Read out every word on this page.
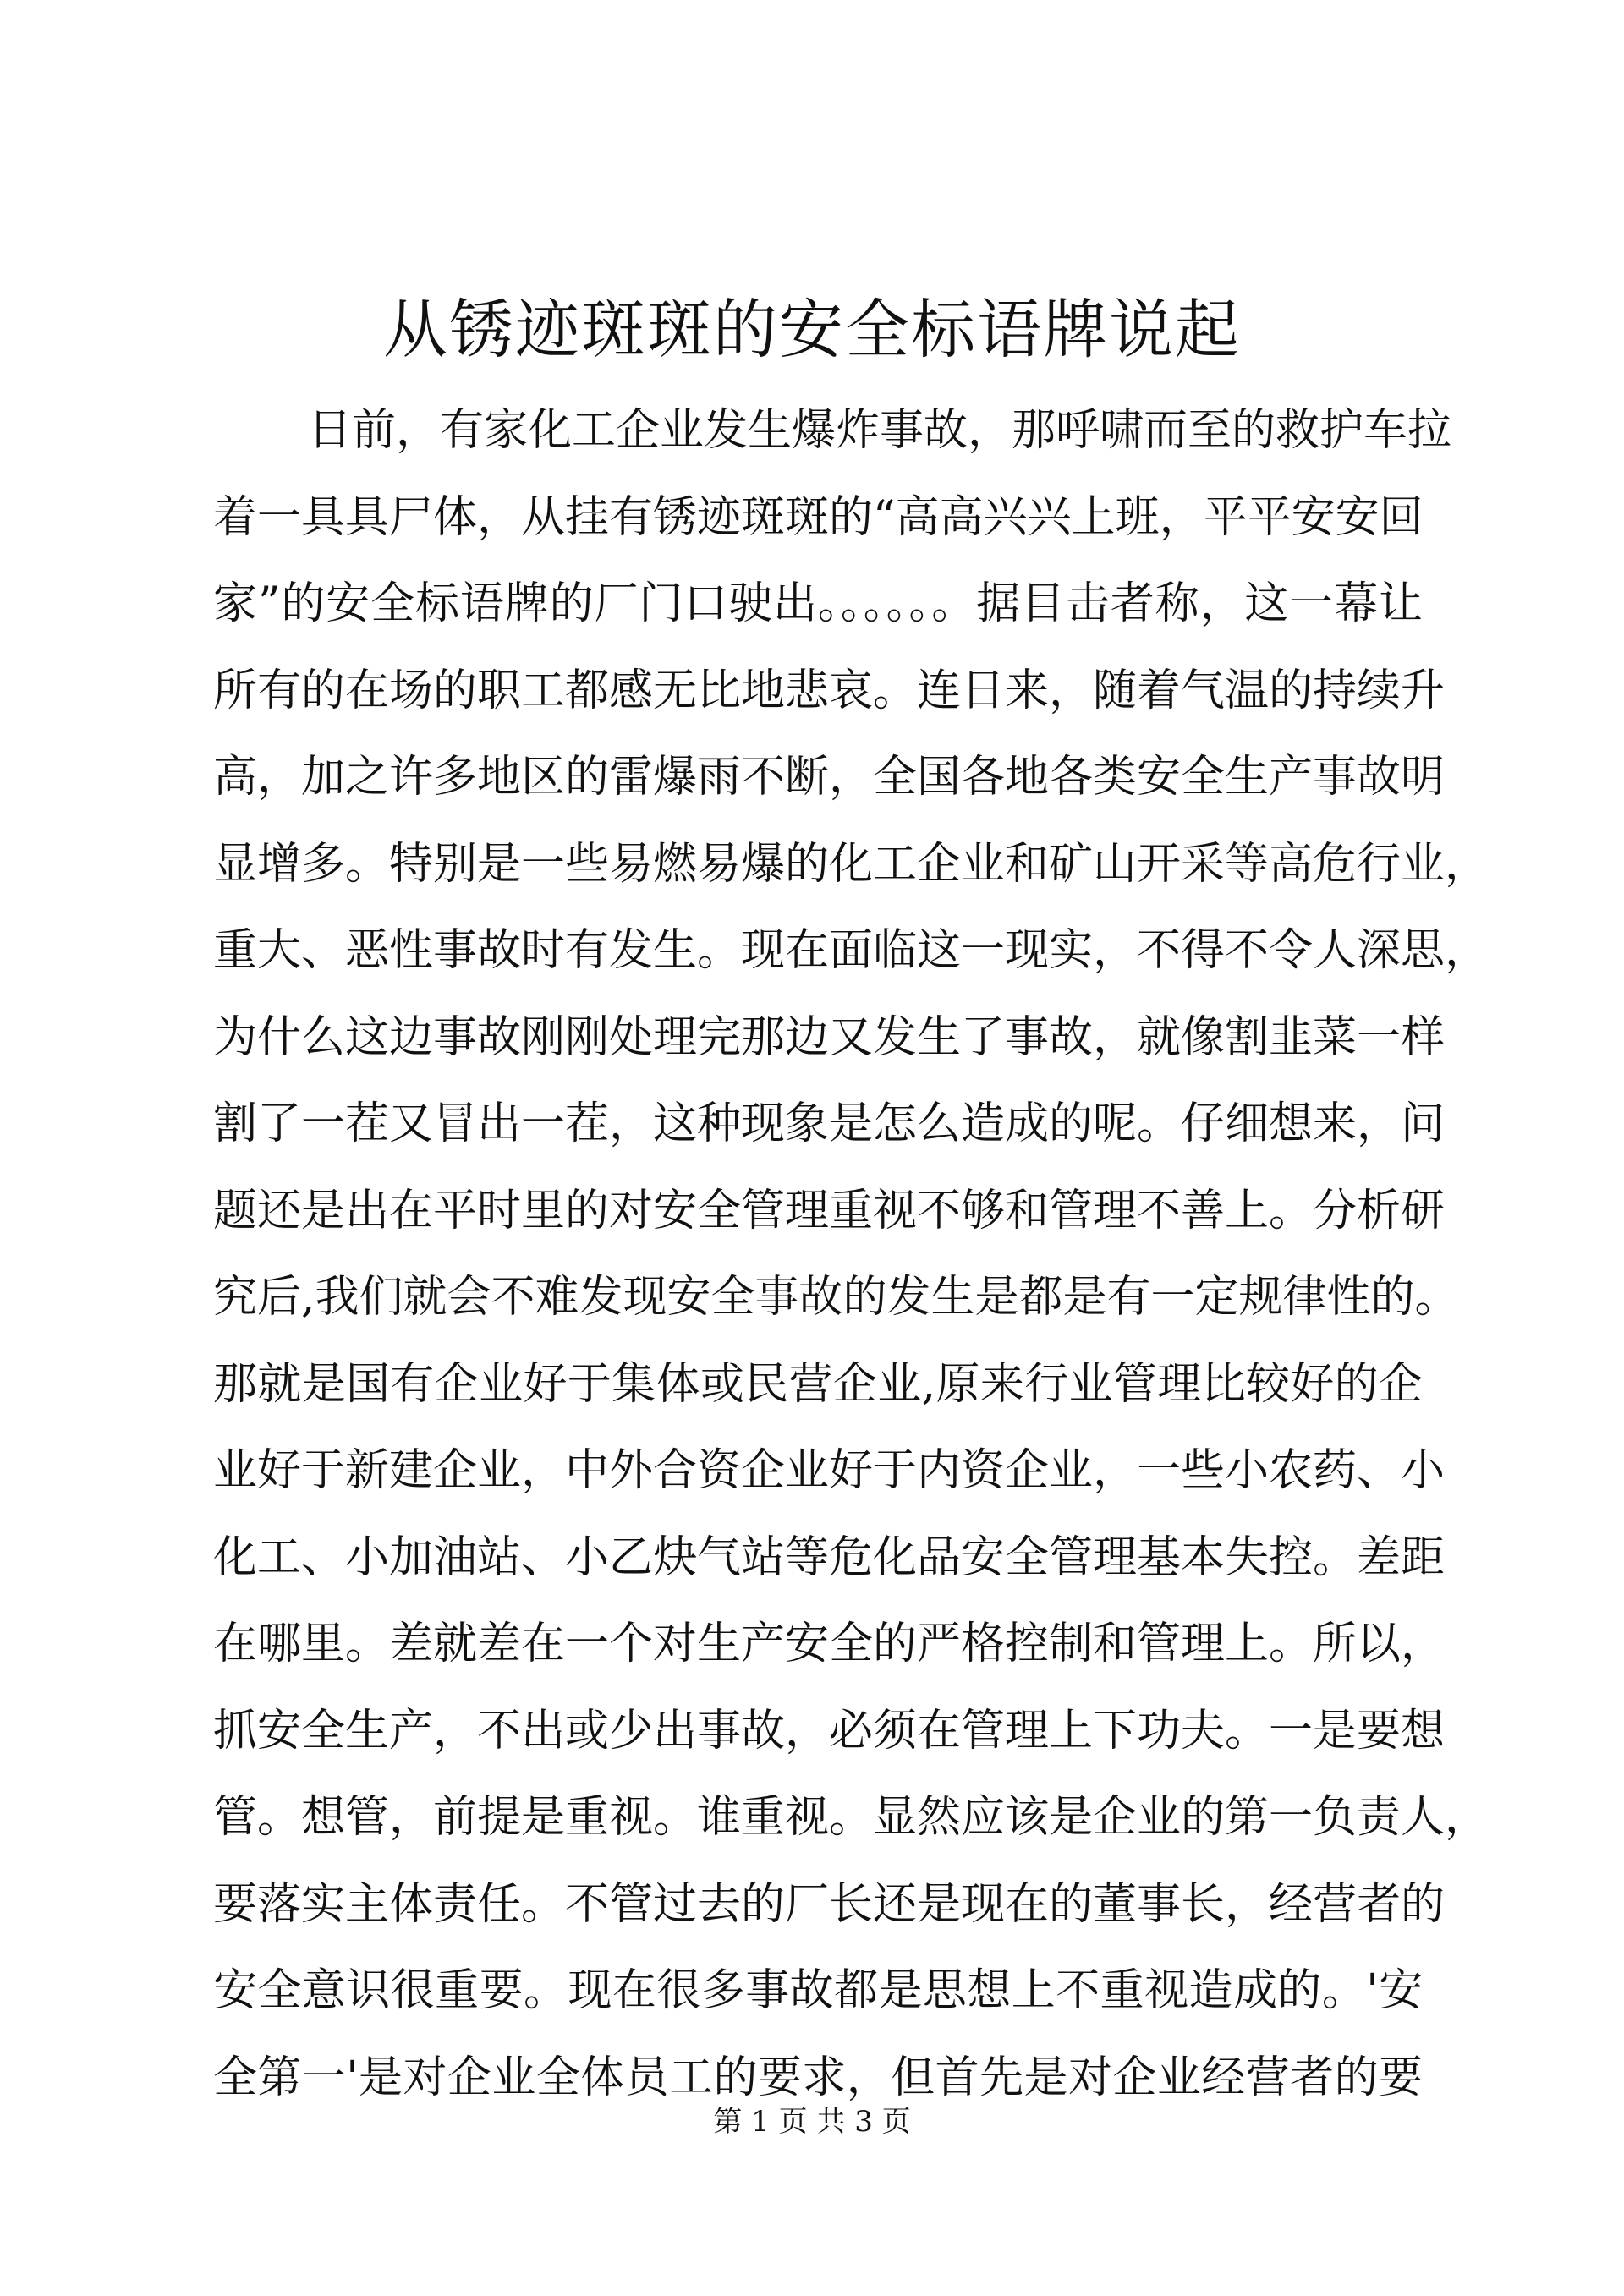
从锈迹斑斑的安全标语牌说起
日前，有家化工企业发生爆炸事故，那呼啸而至的救护车拉
着一具具尸体，从挂有锈迹斑斑的“高高兴兴上班，平平安安回
家”的安全标语牌的厂门口驶出。。。。。。据目击者称，这一幕让
所有的在场的职工都感无比地悲哀。连日来，随着气温的持续升
高，加之许多地区的雷爆雨不断，全国各地各类安全生产事故明
显增多。特别是一些易燃易爆的化工企业和矿山开采等高危行业，
重大、恶性事故时有发生。现在面临这一现实，不得不令人深思，
为什么这边事故刚刚处理完那边又发生了事故，就像割韭菜一样
割了一茬又冒出一茬，这种现象是怎么造成的呢。仔细想来，问
题还是出在平时里的对安全管理重视不够和管理不善上。分析研
究后,我们就会不难发现安全事故的发生是都是有一定规律性的。
那就是国有企业好于集体或民营企业,原来行业管理比较好的企
业好于新建企业，中外合资企业好于内资企业，一些小农药、小
化工、小加油站、小乙炔气站等危化品安全管理基本失控。差距
在哪里。差就差在一个对生产安全的严格控制和管理上。所以，
抓安全生产，不出或少出事故，必须在管理上下功夫。一是要想
管。想管，前提是重视。谁重视。显然应该是企业的第一负责人，
要落实主体责任。不管过去的厂长还是现在的董事长，经营者的
安全意识很重要。现在很多事故都是思想上不重视造成的。'安
全第一'是对企业全体员工的要求，但首先是对企业经营者的要
第 1 页 共 3 页
